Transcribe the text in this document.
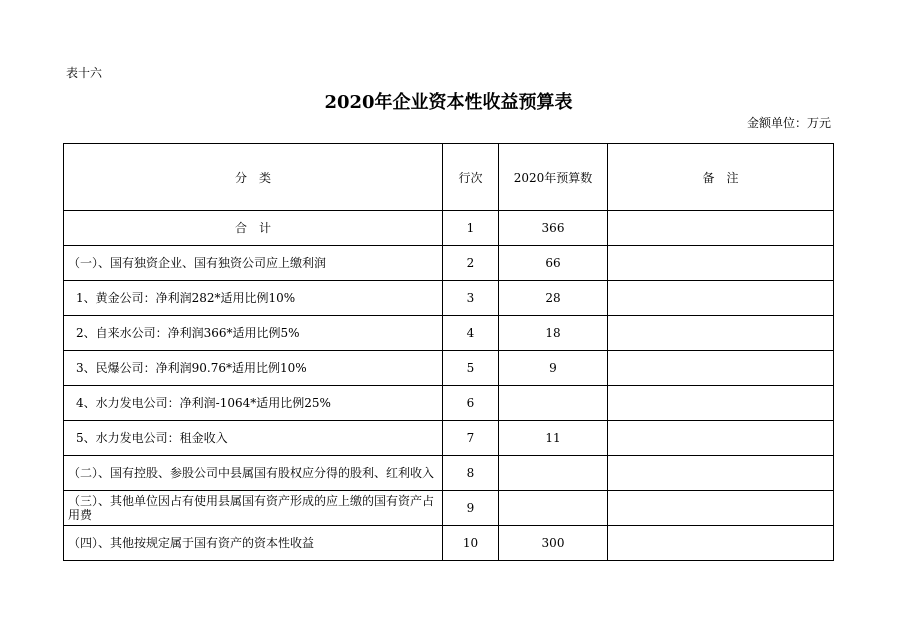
表十六
2020年企业资本性收益预算表
金额单位：万元
分　类	行次	2020年预算数	备　注
合　计	1	366	
（一）、国有独资企业、国有独资公司应上缴利润	2	66	
1、黄金公司：净利润282*适用比例10%	3	28	
2、自来水公司：净利润366*适用比例5%	4	18	
3、民爆公司：净利润90.76*适用比例10%	5	9	
4、水力发电公司：净利润-1064*适用比例25%	6		
5、水力发电公司：租金收入	7	11	
（二）、国有控股、参股公司中县属国有股权应分得的股利、红利收入	8		
（三）、其他单位因占有使用县属国有资产形成的应上缴的国有资产占用费	9		
（四）、其他按规定属于国有资产的资本性收益	10	300	
